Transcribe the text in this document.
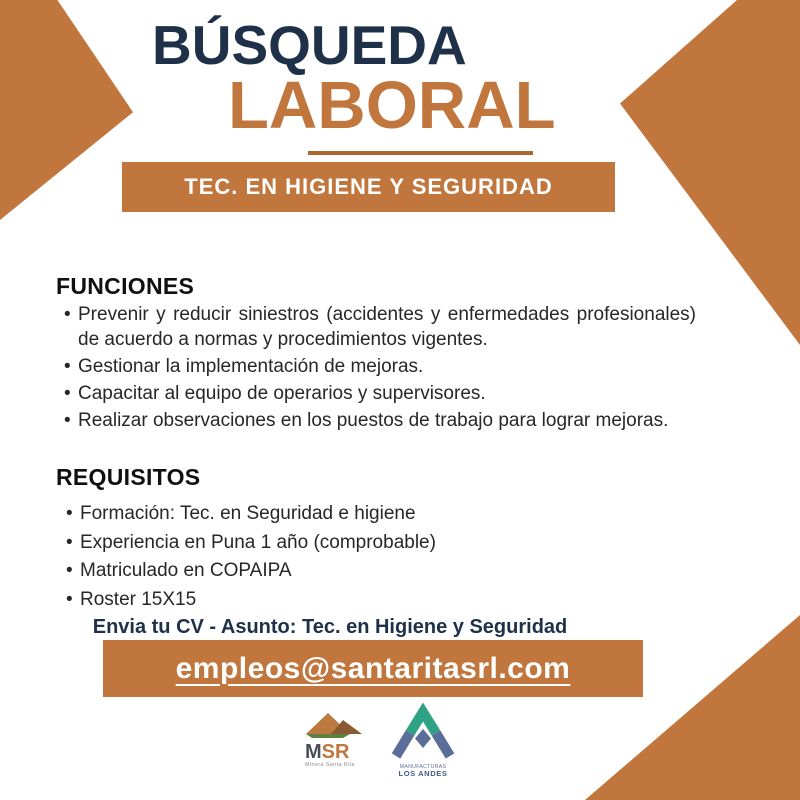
BÚSQUEDA
LABORAL
TEC. EN HIGIENE Y SEGURIDAD
FUNCIONES
• Prevenir y reducir siniestros (accidentes y enfermedades profesionales) de acuerdo a normas y procedimientos vigentes.
• Gestionar la implementación de mejoras.
• Capacitar al equipo de operarios y supervisores.
• Realizar observaciones en los puestos de trabajo para lograr mejoras.
REQUISITOS
• Formación: Tec. en Seguridad e higiene
• Experiencia en Puna 1 año (comprobable)
• Matriculado en COPAIPA
• Roster 15X15
Envia tu CV - Asunto: Tec. en Higiene y Seguridad
empleos@santaritasrl.com
MSR
Minera Santa Rita	MANUFACTURAS
LOS ANDES
